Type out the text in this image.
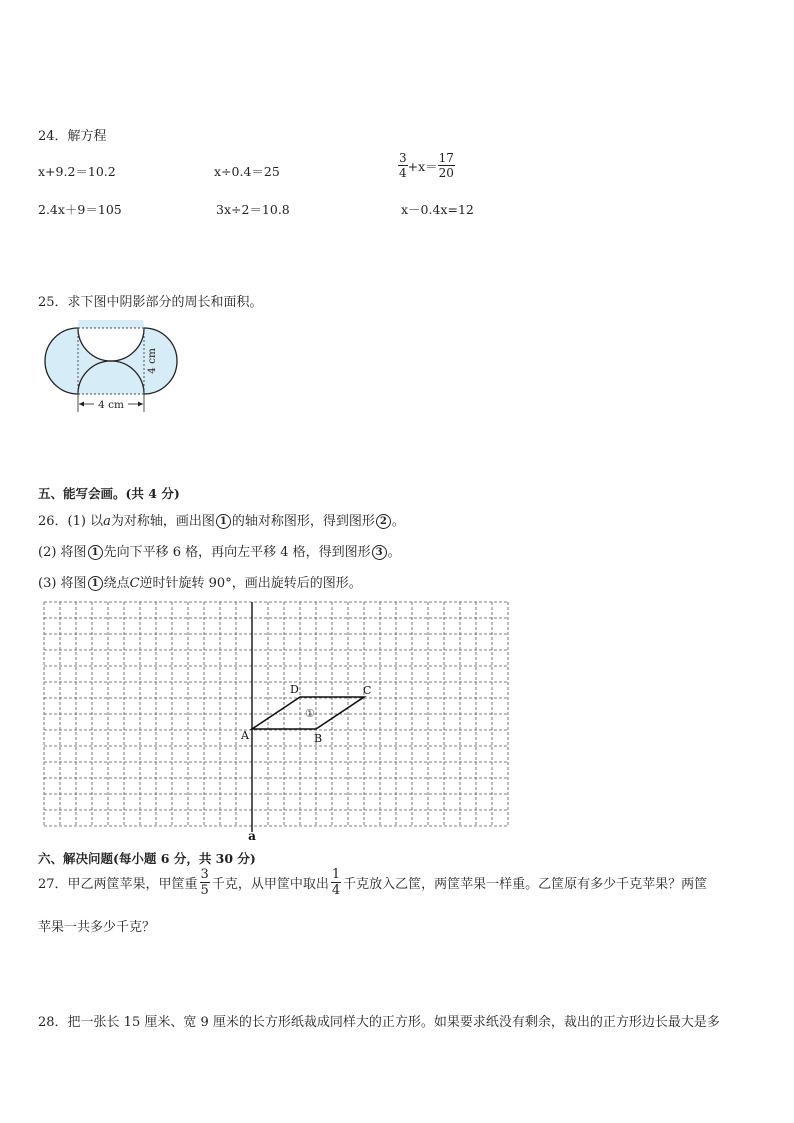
24．解方程
x+9.2＝10.2	x÷0.4＝25	$\frac{3}{4} +x= \frac{17}{20}$
2.4x＋9＝105	3x÷2＝10.8	x－0.4x=12
25．求下图中阴影部分的周长和面积。
4 cm
4 cm
五、能写会画。(共 4 分)
26．(1) 以a为对称轴，画出图 1 的轴对称图形，得到图形 2 。
(2) 将图 1 先向下平移 6 格，再向左平移 4 格，得到图形 3 。
(3) 将图 1 绕点C逆时针旋转 90°，画出旋转后的图形。
a
A	B
C
D
①
六、解决问题(每小题 6 分，共 30 分)
27．甲乙两筐苹果，甲筐重 $\frac{3}{5}$ 千克，从甲筐中取出 $\frac{1}{4}$ 千克放入乙筐，两筐苹果一样重。乙筐原有多少千克苹果？两筐
苹果一共多少千克？
28．把一张长 15 厘米、宽 9 厘米的长方形纸裁成同样大的正方形。如果要求纸没有剩余，裁出的正方形边长最大是多
